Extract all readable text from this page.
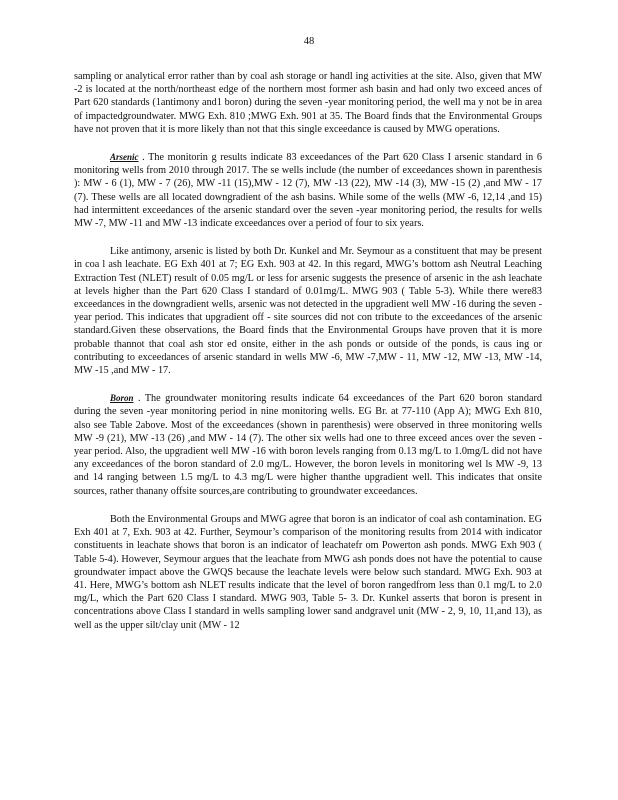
48

sampling or analytical error rather than by coal ash storage or handl ing activities at the site. Also, given that MW -2 is located at the north/northeast edge of the northern most former ash basin and had only two exceed ances of Part 620 standards (1antimony and1 boron) during the seven -year monitoring period, the well ma y not be in area of impactedgroundwater. MWG Exh. 810 ;MWG Exh. 901 at 35. The Board finds that the Environmental Groups have not proven that it is more likely than not that this single exceedance is caused by MWG operations.

Arsenic . The monitorin g results indicate 83 exceedances of the Part 620 Class I arsenic standard in 6 monitoring wells from 2010 through 2017. The se wells include (the number of exceedances shown in parenthesis ): MW - 6 (1), MW - 7 (26), MW -11 (15),MW - 12 (7), MW -13 (22), MW -14 (3), MW -15 (2) ,and MW - 17 (7). These wells are all located downgradient of the ash basins. While some of the wells (MW -6, 12,14 ,and 15) had intermittent exceedances of the arsenic standard over the seven -year monitoring period, the results for wells MW -7, MW -11 and MW -13 indicate exceedances over a period of four to six years.

Like antimony, arsenic is listed by both Dr. Kunkel and Mr. Seymour as a constituent that may be present in coa l ash leachate. EG Exh 401 at 7; EG Exh. 903 at 42. In this regard, MWG’s bottom ash Neutral Leaching Extraction Test (NLET) result of 0.05 mg/L or less for arsenic suggests the presence of arsenic in the ash leachate at levels higher than the Part 620 Class I standard of 0.01mg/L. MWG 903 ( Table 5-3). While there were83 exceedances in the downgradient wells, arsenic was not detected in the upgradient well MW -16 during the seven - year period. This indicates that upgradient off - site sources did not con tribute to the exceedances of the arsenic standard.Given these observations, the Board finds that the Environmental Groups have proven that it is more probable thannot that coal ash stor ed onsite, either in the ash ponds or outside of the ponds, is caus ing or contributing to exceedances of arsenic standard in wells MW -6, MW -7,MW - 11, MW -12, MW -13, MW -14, MW -15 ,and MW - 17.

Boron . The groundwater monitoring results indicate 64 exceedances of the Part 620 boron standard during the seven -year monitoring period in nine monitoring wells. EG Br. at 77-110 (App A); MWG Exh 810, also see Table 2above. Most of the exceedances (shown in parenthesis) were observed in three monitoring wells MW -9 (21), MW -13 (26) ,and MW - 14 (7). The other six wells had one to three exceed ances over the seven -year period. Also, the upgradient well MW -16 with boron levels ranging from 0.13 mg/L to 1.0mg/L did not have any exceedances of the boron standard of 2.0 mg/L. However, the boron levels in monitoring wel ls MW -9, 13 and 14 ranging between 1.5 mg/L to 4.3 mg/L were higher thanthe upgradient well. This indicates that onsite sources, rather thanany offsite sources,are contributing to groundwater exceedances.

Both the Environmental Groups and MWG agree that boron is an indicator of coal ash contamination. EG Exh 401 at 7, Exh. 903 at 42. Further, Seymour’s comparison of the monitoring results from 2014 with indicator constituents in leachate shows that boron is an indicator of leachatefr om Powerton ash ponds. MWG Exh 903 ( Table 5-4). However, Seymour argues that the leachate from MWG ash ponds does not have the potential to cause groundwater impact above the GWQS because the leachate levels were below such standard. MWG Exh. 903 at 41. Here, MWG’s bottom ash NLET results indicate that the level of boron rangedfrom less than 0.1 mg/L to 2.0 mg/L, which the Part 620 Class I standard. MWG 903, Table 5- 3. Dr. Kunkel asserts that boron is present in concentrations above Class I standard in wells sampling lower sand andgravel unit (MW - 2, 9, 10, 11,and 13), as well as the upper silt/clay unit (MW - 12
